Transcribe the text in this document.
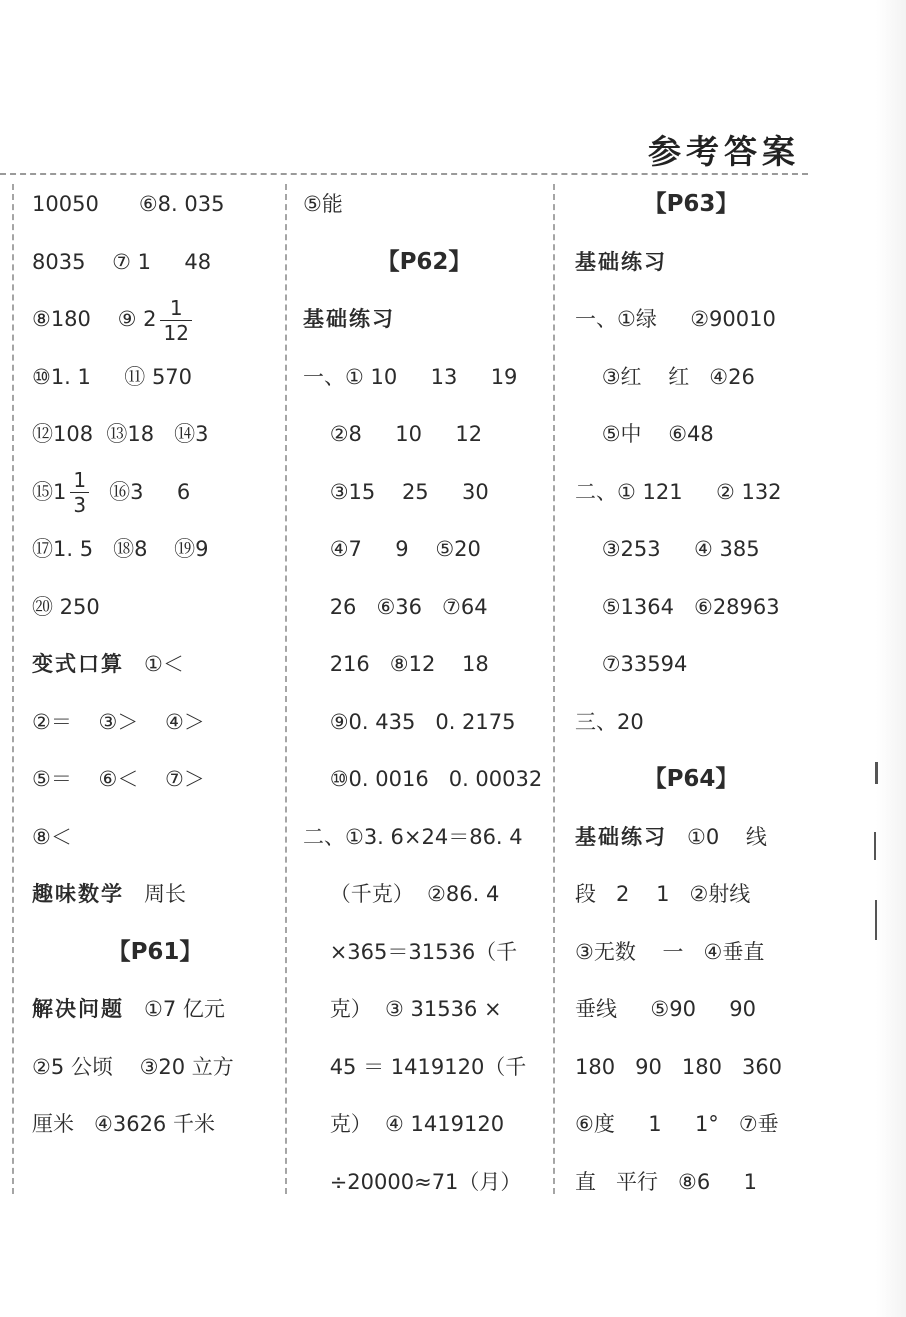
参考答案
10050      ⑥8. 035
8035    ⑦ 1     48
⑧180    ⑨ $2 \frac{1}{12}$
⑩1. 1     ⑪ 570
⑫108  ⑬18   ⑭3
⑮1 $\frac{1}{3}$ ⑯3     6
⑰1. 5   ⑱8    ⑲9
⑳ 250
变式口算   ①＜
②＝    ③＞    ④＞
⑤＝    ⑥＜    ⑦＞
⑧＜
趣味数学   周长
【P61】
解决问题   ①7 亿元
②5 公顷    ③20 立方
厘米   ④3626 千米
⑤能
【P62】
基础练习
一、① 10     13     19
②8     10     12
③15    25     30
④7     9    ⑤20
26   ⑥36   ⑦64
216   ⑧12    18
⑨0. 435   0. 2175
⑩0. 0016   0. 00032
二、①3. 6×24＝86. 4
（千克）  ②86. 4
×365＝31536（千
克）  ③ 31536 ×
45 ＝ 1419120（千
克）  ④ 1419120
÷20000≈71（月）
【P63】
基础练习
一、①绿     ②90010
③红    红   ④26
⑤中    ⑥48
二、① 121     ② 132
③253     ④ 385
⑤1364   ⑥28963
⑦33594
三、20
【P64】
基础练习   ①0    线
段   2    1   ②射线
③无数    一   ④垂直
垂线     ⑤90     90
180   90   180   360
⑥度     1     1°   ⑦垂
直   平行   ⑧6     1
